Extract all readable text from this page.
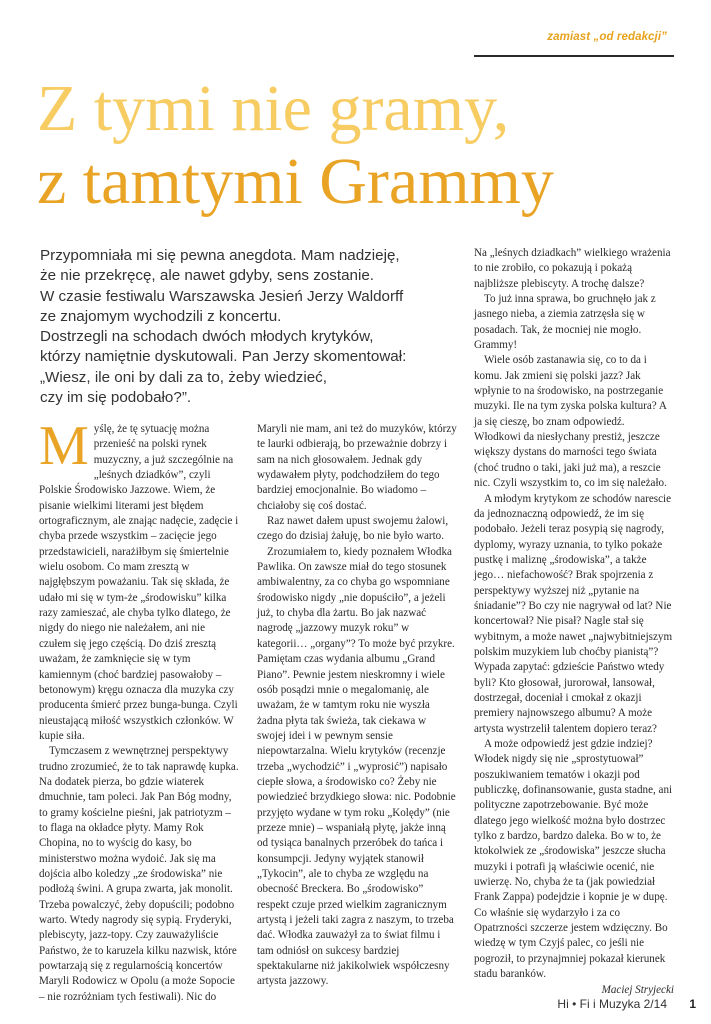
zamiast „od redakcji”
Z tymi nie gramy,
z tamtymi Grammy
Przypomniała mi się pewna anegdota. Mam nadzieję,
że nie przekręcę, ale nawet gdyby, sens zostanie.
W czasie festiwalu Warszawska Jesień Jerzy Waldorff
ze znajomym wychodzili z koncertu.
Dostrzegli na schodach dwóch młodych krytyków,
którzy namiętnie dyskutowali. Pan Jerzy skomentował:
„Wiesz, ile oni by dali za to, żeby wiedzieć,
czy im się podobało?”.
M yślę, że tę sytuację można przenieść na polski rynek muzyczny, a już szczególnie na „leśnych dziadków”, czyli Polskie Środowisko Jazzowe. Wiem, że pisanie wielkimi literami jest błędem ortograficznym, ale znając nadęcie, zadęcie i chyba przede wszystkim – zacięcie jego przedstawicieli, narażiłbym się śmiertelnie wielu osobom. Co mam zresztą w najgłębszym poważaniu. Tak się składa, że udało mi się w tym-że „środowisku” kilka razy zamieszać, ale chyba tylko dlatego, że nigdy do niego nie należałem, ani nie czułem się jego częścią. Do dziś zresztą uważam, że zamknięcie się w tym kamiennym (choć bardziej pasowałoby – betonowym) kręgu oznacza dla muzyka czy producenta śmierć przez bunga-bunga. Czyli nieustającą miłość wszystkich członków. W kupie siła.

Tymczasem z wewnętrznej perspektywy trudno zrozumieć, że to tak naprawdę kupka. Na dodatek pierza, bo gdzie wiaterek dmuchnie, tam poleci. Jak Pan Bóg modny, to gramy kościelne pieśni, jak patriotyzm – to flaga na okładce płyty. Mamy Rok Chopina, no to wyścig do kasy, bo ministerstwo można wydoić. Jak się ma dojścia albo koledzy „ze środowiska” nie podłożą świni. A grupa zwarta, jak monolit. Trzeba powalczyć, żeby dopuścili; podobno warto. Wtedy nagrody się sypią. Fryderyki, plebiscyty, jazz-topy. Czy zauważyliście Państwo, że to karuzela kilku nazwisk, które powtarzają się z regularnością koncertów Maryli Rodowicz w Opolu (a może Sopocie – nie rozróżniam tych festiwali). Nic do

Maryli nie mam, ani też do muzyków, którzy te laurki odbierają, bo przeważnie dobrzy i sam na nich głosowałem. Jednak gdy wydawałem płyty, podchodziłem do tego bardziej emocjonalnie. Bo wiadomo – chciałoby się coś dostać.

Raz nawet dałem upust swojemu żalowi, czego do dzisiaj żałuję, bo nie było warto.

Zrozumiałem to, kiedy poznałem Włodka Pawlika. On zawsze miał do tego stosunek ambiwalentny, za co chyba go wspomniane środowisko nigdy „nie dopuściło”, a jeżeli już, to chyba dla żartu. Bo jak nazwać nagrodę „jazzowy muzyk roku” w kategorii… „organy”? To może być przykre. Pamiętam czas wydania albumu „Grand Piano”. Pewnie jestem nieskromny i wiele osób posądzi mnie o megalomanię, ale uważam, że w tamtym roku nie wyszła żadna płyta tak świeża, tak ciekawa w swojej idei i w pewnym sensie niepowtarzalna. Wielu krytyków (recenzje trzeba „wychodzić” i „wyprosić”) napisało ciepłe słowa, a środowisko co? Żeby nie powiedzieć brzydkiego słowa: nic. Podobnie przyjęto wydane w tym roku „Kolędy” (nie przeze mnie) – wspaniałą płytę, jakże inną od tysiąca banalnych przeróbek do tańca i konsumpcji. Jedyny wyjątek stanowił „Tykocin”, ale to chyba ze względu na obecność Breckera. Bo „środowisko” respekt czuje przed wielkim zagranicznym artystą i jeżeli taki zagra z naszym, to trzeba dać. Włodka zauważył za to świat filmu i tam odniósł on sukcesy bardziej spektakularne niż jakikolwiek współczesny artysta jazzowy.

Na „leśnych dziadkach” wielkiego wrażenia to nie zrobiło, co pokazują i pokażą najbliższe plebiscyty. A trochę dalsze?

To już inna sprawa, bo gruchnęło jak z jasnego nieba, a ziemia zatrzęsła się w posadach. Tak, że mocniej nie mogło. Grammy!

Wiele osób zastanawia się, co to da i komu. Jak zmieni się polski jazz? Jak wpłynie to na środowisko, na postrzeganie muzyki. Ile na tym zyska polska kultura? A ja się cieszę, bo znam odpowiedź. Włodkowi da niesłychany prestiż, jeszcze większy dystans do marności tego świata (choć trudno o taki, jaki już ma), a reszcie nic. Czyli wszystkim to, co im się należało.

A młodym krytykom ze schodów narescie da jednoznaczną odpowiedź, że im się podobało. Jeżeli teraz posypią się nagrody, dyplomy, wyrazy uznania, to tylko pokaże pustkę i maliznę „środowiska”, a także jego… niefachowość? Brak spojrzenia z perspektywy wyższej niż „pytanie na śniadanie”? Bo czy nie nagrywał od lat? Nie koncertował? Nie pisał? Nagle stał się wybitnym, a może nawet „najwybitniejszym polskim muzykiem lub choćby pianistą”? Wypada zapytać: gdzieście Państwo wtedy byli? Kto głosował, jurorował, lansował, dostrzegał, doceniał i cmokał z okazji premiery najnowszego albumu? A może artysta wystrzelił talentem dopiero teraz?

A może odpowiedź jest gdzie indziej? Włodek nigdy się nie „sprostytuował” poszukiwaniem tematów i okazji pod publiczkę, dofinansowanie, gusta stadne, ani polityczne zapotrzebowanie. Być może dlatego jego wielkość można było dostrzec tylko z bardzo, bardzo daleka. Bo w to, że ktokolwiek ze „środowiska” jeszcze słucha muzyki i potrafi ją właściwie ocenić, nie uwierzę. No, chyba że ta (jak powiedział Frank Zappa) podejdzie i kopnie je w dupę. Co właśnie się wydarzyło i za co Opatrzności szczerze jestem wdzięczny. Bo wiedzę w tym Czyjś palec, co jeśli nie pogroził, to przynajmniej pokazał kierunek stadu baranków.

Maciej Stryjecki

Hi • Fi i Muzyka 2/14 1
